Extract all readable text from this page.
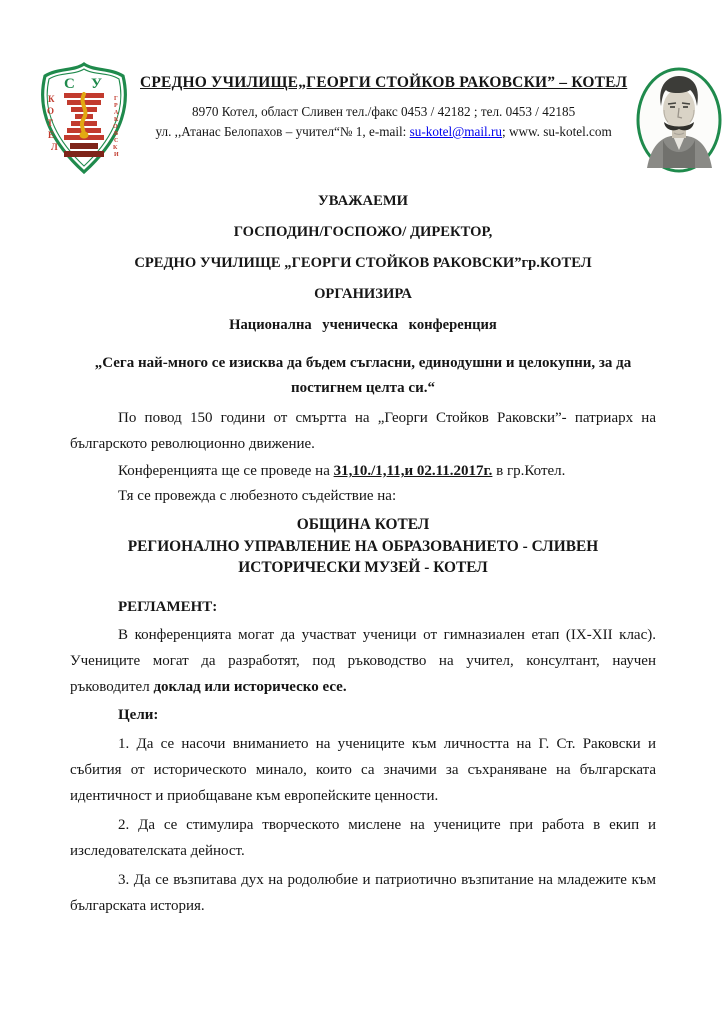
С У
К
О
Т
Е
Л
Г
Р
А
К
О
В
С
К
И
СРЕДНО УЧИЛИЩЕ„ГЕОРГИ СТОЙКОВ РАКОВСКИ” – КОТЕЛ
8970 Котел, област Сливен тел./факс 0453 / 42182 ; тел. 0453 / 42185
ул. ,,Атанас Белопахов – учител“№ 1, e-mail: su-kotel@mail.ru; www. su-kotel.com
УВАЖАЕМИ
ГОСПОДИН/ГОСПОЖО/ ДИРЕКТОР,
СРЕДНО УЧИЛИЩЕ „ГЕОРГИ СТОЙКОВ РАКОВСКИ”гр.КОТЕЛ
ОРГАНИЗИРА
Национална ученическа конференция
„Сега най-много се изисква да бъдем съгласни, единодушни и целокупни, за да постигнем целта си.“

По повод 150 години от смъртта на „Георги Стойков Раковски”- патриарх на българското революционно движение.

Конференцията ще се проведе на 31,10./1,11,и 02.11.2017г. в гр.Котел.

Тя се провежда с любезното съдействие на:

ОБЩИНА КОТЕЛ
РЕГИОНАЛНО УПРАВЛЕНИЕ НА ОБРАЗОВАНИЕТО - СЛИВЕН
ИСТОРИЧЕСКИ МУЗЕЙ - КОТЕЛ

РЕГЛАМЕНТ:

В конференцията могат да участват ученици от гимназиален етап (IX-XII клас). Учениците могат да разработят, под ръководство на учител, консултант, научен ръководител доклад или историческо есе.

Цели:

1. Да се насочи вниманието на учениците към личността на Г. Ст. Раковски и събития от историческото минало, които са значими за съхраняване на българската идентичност и приобщаване към европейските ценности.

2. Да се стимулира творческото мислене на учениците при работа в екип и изследователската дейност.

3. Да се възпитава дух на родолюбие и патриотично възпитание на младежите към българската история.
